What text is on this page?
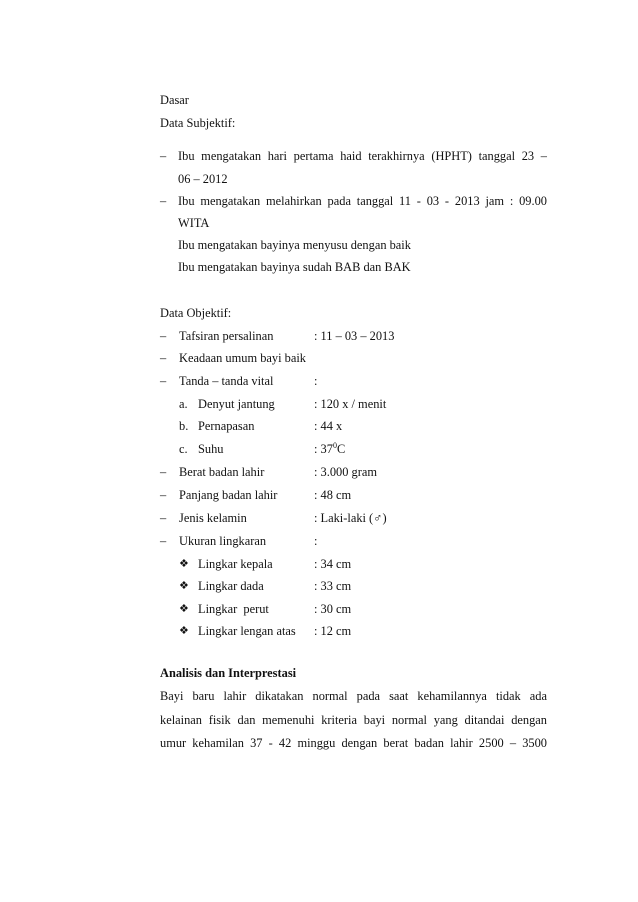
Dasar
Data Subjektif:
– Ibu mengatakan hari pertama haid terakhirnya (HPHT) tanggal 23 –
06 – 2012
– Ibu mengatakan melahirkan pada tanggal 11 - 03 - 2013 jam : 09.00
WITA
Ibu mengatakan bayinya menyusu dengan baik
Ibu mengatakan bayinya sudah BAB dan BAK
Data Objektif:
– Tafsiran persalinan	: 11 – 03 – 2013
– Keadaan umum bayi baik
– Tanda – tanda vital	:
a. Denyut jantung	: 120 x / menit
b. Pernapasan	: 44 x
c. Suhu	: $37^0C$
– Berat badan lahir	: 3.000 gram
– Panjang badan lahir	: 48 cm
– Jenis kelamin	: Laki-laki (♂)
– Ukuran lingkaran	:
❖ Lingkar kepala	: 34 cm
❖ Lingkar dada	: 33 cm
❖ Lingkar  perut	: 30 cm
❖ Lingkar lengan atas : 12 cm
Analisis dan Interprestasi
Bayi baru lahir dikatakan normal pada saat kehamilannya tidak ada
kelainan fisik dan memenuhi kriteria bayi normal yang ditandai dengan
umur kehamilan 37 - 42 minggu dengan berat badan lahir 2500 – 3500
